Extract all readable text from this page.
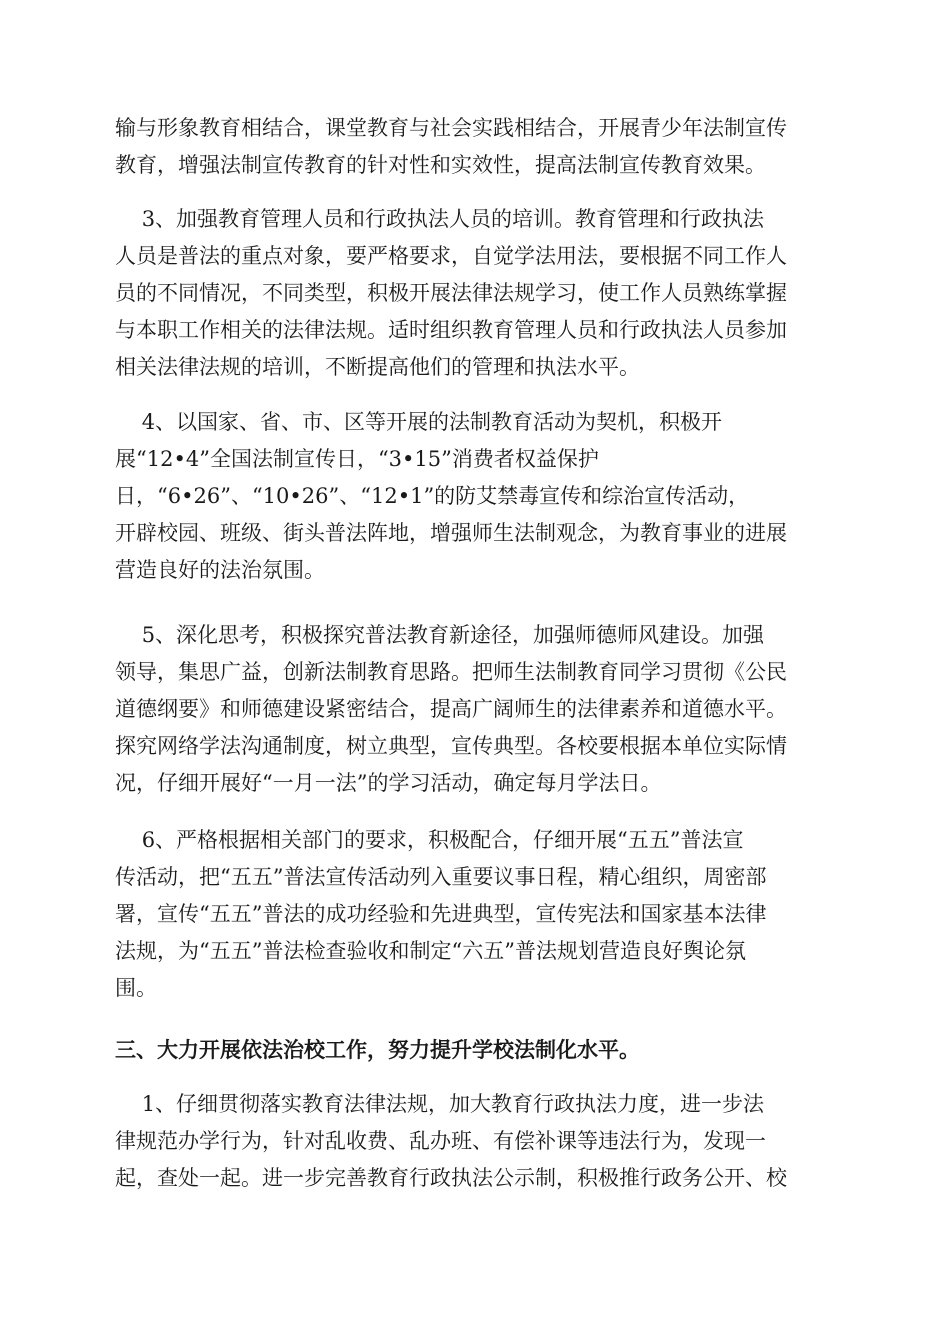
输与形象教育相结合，课堂教育与社会实践相结合，开展青少年法制宣传
教育，增强法制宣传教育的针对性和实效性，提高法制宣传教育效果。
3、加强教育管理人员和行政执法人员的培训。教育管理和行政执法
人员是普法的重点对象，要严格要求，自觉学法用法，要根据不同工作人
员的不同情况，不同类型，积极开展法律法规学习，使工作人员熟练掌握
与本职工作相关的法律法规。适时组织教育管理人员和行政执法人员参加
相关法律法规的培训，不断提高他们的管理和执法水平。
4、以国家、省、市、区等开展的法制教育活动为契机，积极开
展“12•4”全国法制宣传日，“3•15”消费者权益保护
日，“6•26”、“10•26”、“12•1”的防艾禁毒宣传和综治宣传活动，
开辟校园、班级、街头普法阵地，增强师生法制观念，为教育事业的进展
营造良好的法治氛围。
5、深化思考，积极探究普法教育新途径，加强师德师风建设。加强
领导，集思广益，创新法制教育思路。把师生法制教育同学习贯彻《公民
道德纲要》和师德建设紧密结合，提高广阔师生的法律素养和道德水平。
探究网络学法沟通制度，树立典型，宣传典型。各校要根据本单位实际情
况，仔细开展好“一月一法”的学习活动，确定每月学法日。
6、严格根据相关部门的要求，积极配合，仔细开展“五五”普法宣
传活动，把“五五”普法宣传活动列入重要议事日程，精心组织，周密部
署，宣传“五五”普法的成功经验和先进典型，宣传宪法和国家基本法律
法规，为“五五”普法检查验收和制定“六五”普法规划营造良好舆论氛
围。
三、大力开展依法治校工作，努力提升学校法制化水平。
1、仔细贯彻落实教育法律法规，加大教育行政执法力度，进一步法
律规范办学行为，针对乱收费、乱办班、有偿补课等违法行为，发现一
起，查处一起。进一步完善教育行政执法公示制，积极推行政务公开、校
